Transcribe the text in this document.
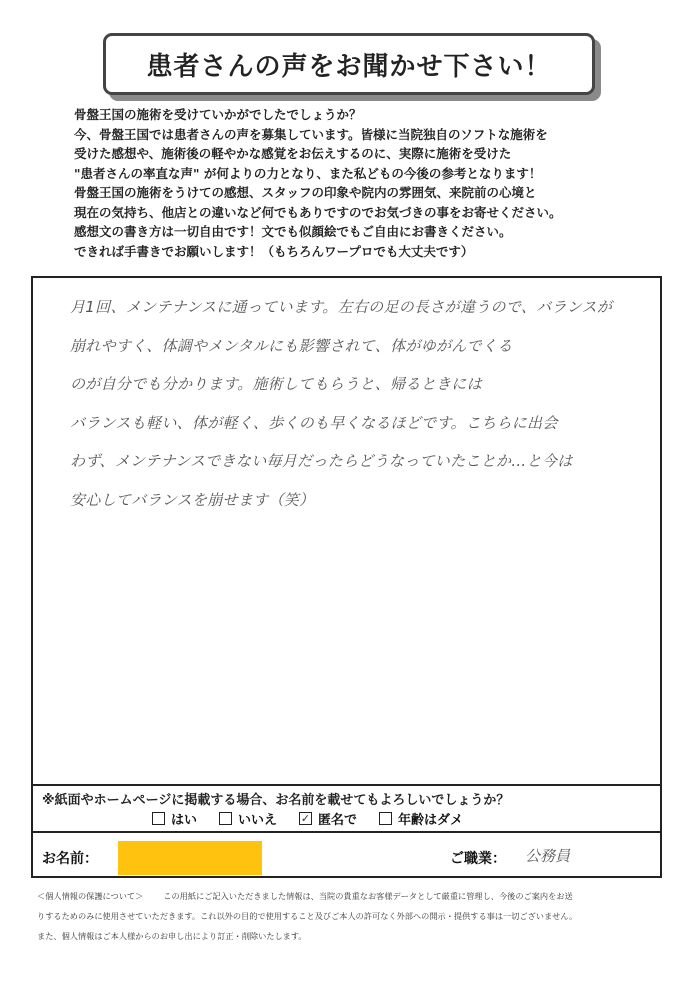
患者さんの声をお聞かせ下さい！
骨盤王国の施術を受けていかがでしたでしょうか？
今、骨盤王国では患者さんの声を募集しています。皆様に当院独自のソフトな施術を
受けた感想や、施術後の軽やかな感覚をお伝えするのに、実際に施術を受けた
"患者さんの率直な声" が何よりの力となり、また私どもの今後の参考となります！
骨盤王国の施術をうけての感想、スタッフの印象や院内の雰囲気、来院前の心境と
現在の気持ち、他店との違いなど何でもありですのでお気づきの事をお寄せください。
感想文の書き方は一切自由です！文でも似顔絵でもご自由にお書きください。
できれば手書きでお願いします！（もちろんワープロでも大丈夫です）
月1回、メンテナンスに通っています。左右の足の長さが違うので、バランスが
崩れやすく、体調やメンタルにも影響されて、体がゆがんでくる
のが自分でも分かります。施術してもらうと、帰るときには
バランスも軽い、体が軽く、歩くのも早くなるほどです。こちらに出会
わず、メンテナンスできない毎月だったらどうなっていたことか…と今は
安心してバランスを崩せます（笑）
※紙面やホームページに掲載する場合、お名前を載せてもよろしいでしょうか？
はい	いいえ ✓ 匿名で	年齢はダメ
お名前：	ご職業： 公務員
＜個人情報の保護について＞ この用紙にご記入いただきました情報は、当院の貴重なお客様データとして厳重に管理し、今後のご案内をお送
りするためのみに使用させていただきます。これ以外の目的で使用すること及びご本人の許可なく外部への開示・提供する事は一切ございません。
また、個人情報はご本人様からのお申し出により訂正・削除いたします。
